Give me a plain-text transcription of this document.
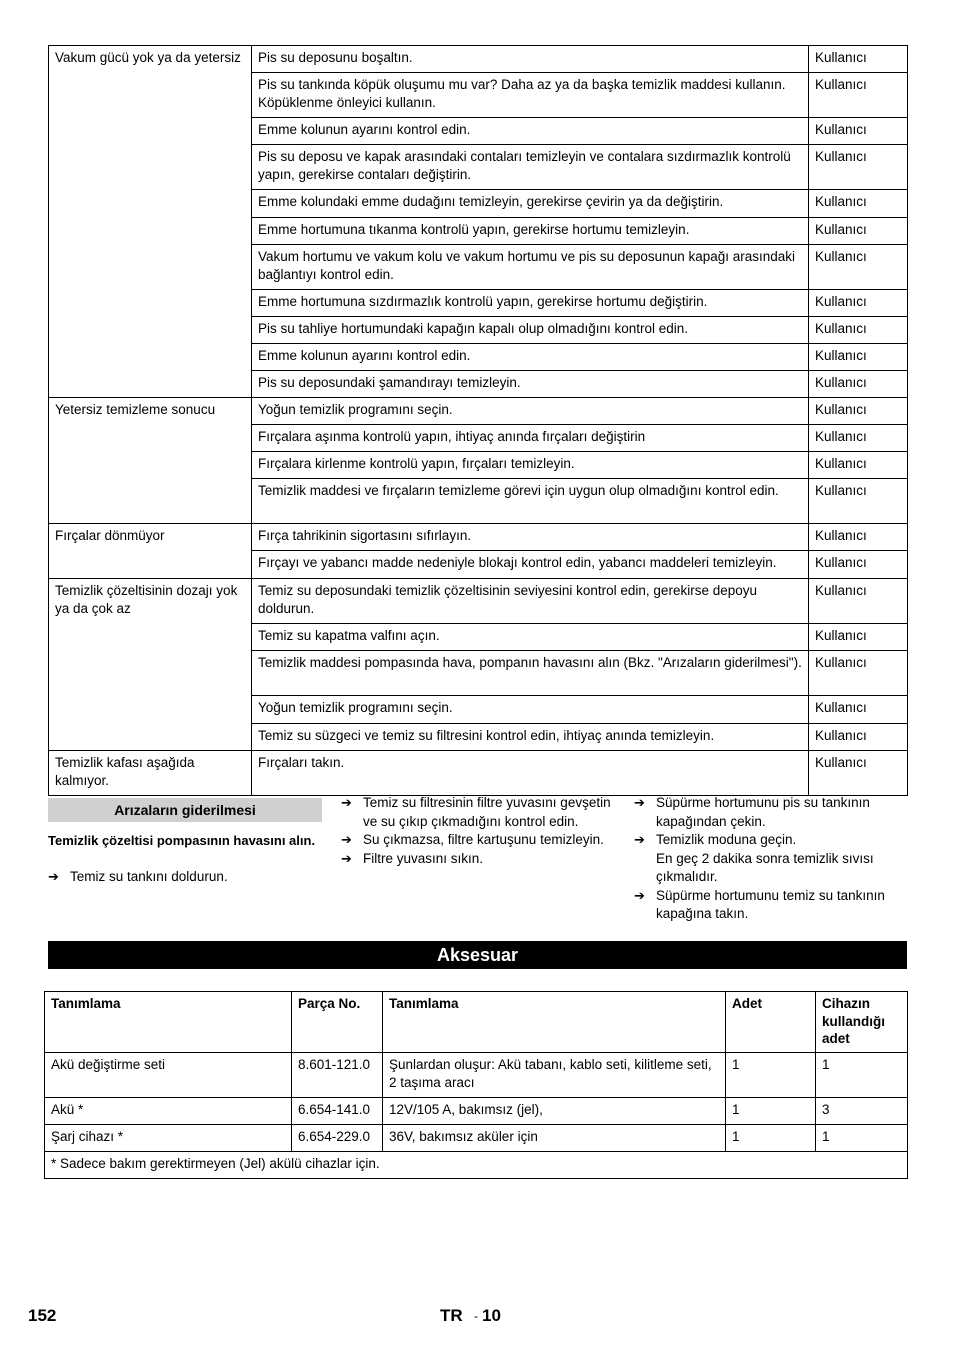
Vakum gücü yok ya da yetersiz	Pis su deposunu boşaltın.	Kullanıcı

	Pis su tankında köpük oluşumu mu var? Daha az ya da başka temizlik maddesi kullanın. Köpüklenme önleyici kullanın.	Kullanıcı

	Emme kolunun ayarını kontrol edin.	Kullanıcı

	Pis su deposu ve kapak arasındaki contaları temizleyin ve contalara sızdırmazlık kontrolü yapın, gerekirse contaları değiştirin.	Kullanıcı

	Emme kolundaki emme dudağını temizleyin, gerekirse çevirin ya da değiştirin.	Kullanıcı

	Emme hortumuna tıkanma kontrolü yapın, gerekirse hortumu temizleyin.	Kullanıcı

	Vakum hortumu ve vakum kolu ve vakum hortumu ve pis su deposunun kapağı arasındaki bağlantıyı kontrol edin.	Kullanıcı

	Emme hortumuna sızdırmazlık kontrolü yapın, gerekirse hortumu değiştirin.	Kullanıcı

	Pis su tahliye hortumundaki kapağın kapalı olup olmadığını kontrol edin.	Kullanıcı

	Emme kolunun ayarını kontrol edin.	Kullanıcı

	Pis su deposundaki şamandırayı temizleyin.	Kullanıcı

Yetersiz temizleme sonucu	Yoğun temizlik programını seçin.	Kullanıcı

	Fırçalara aşınma kontrolü yapın, ihtiyaç anında fırçaları değiştirin	Kullanıcı

	Fırçalara kirlenme kontrolü yapın, fırçaları temizleyin.	Kullanıcı

	Temizlik maddesi ve fırçaların temizleme görevi için uygun olup olmadığını kontrol edin.	Kullanıcı

Fırçalar dönmüyor	Fırça tahrikinin sigortasını sıfırlayın.	Kullanıcı

	Fırçayı ve yabancı madde nedeniyle blokajı kontrol edin, yabancı maddeleri temizleyin.	Kullanıcı

Temizlik çözeltisinin dozajı yok ya da çok az	Temiz su deposundaki temizlik çözeltisinin seviyesini kontrol edin, gerekirse depoyu doldurun.	Kullanıcı

	Temiz su kapatma valfını açın.	Kullanıcı

	Temizlik maddesi pompasında hava, pompanın havasını alın (Bkz. "Arızaların giderilmesi").	Kullanıcı

	Yoğun temizlik programını seçin.	Kullanıcı

	Temiz su süzgeci ve temiz su filtresini kontrol edin, ihtiyaç anında temizleyin.	Kullanıcı

Temizlik kafası aşağıda kalmıyor.	Fırçaları takın.	Kullanıcı
Arızaların giderilmesi
Temizlik çözeltisi pompasının havasını alın.
➔ Temiz su tankını doldurun.
➔ Temiz su filtresinin filtre yuvasını gevşetin ve su çıkıp çıkmadığını kontrol edin.
➔ Su çıkmazsa, filtre kartuşunu temizleyin.
➔ Filtre yuvasını sıkın.
➔ Süpürme hortumunu pis su tankının kapağından çekin.
➔ Temizlik moduna geçin.
En geç 2 dakika sonra temizlik sıvısı çıkmalıdır.
➔ Süpürme hortumunu temiz su tankının kapağına takın.
Aksesuar
Tanımlama	Parça No.	Tanımlama	Adet	Cihazın kullandığı adet

Akü değiştirme seti	8.601-121.0	Şunlardan oluşur: Akü tabanı, kablo seti, kilitleme seti, 2 taşıma aracı	1	1

Akü *	6.654-141.0	12V/105 A, bakımsız (jel),	1	3

Şarj cihazı *	6.654-229.0	36V, bakımsız aküler için	1	1

* Sadece bakım gerektirmeyen (Jel) akülü cihazlar için.				
152	TR - 10
